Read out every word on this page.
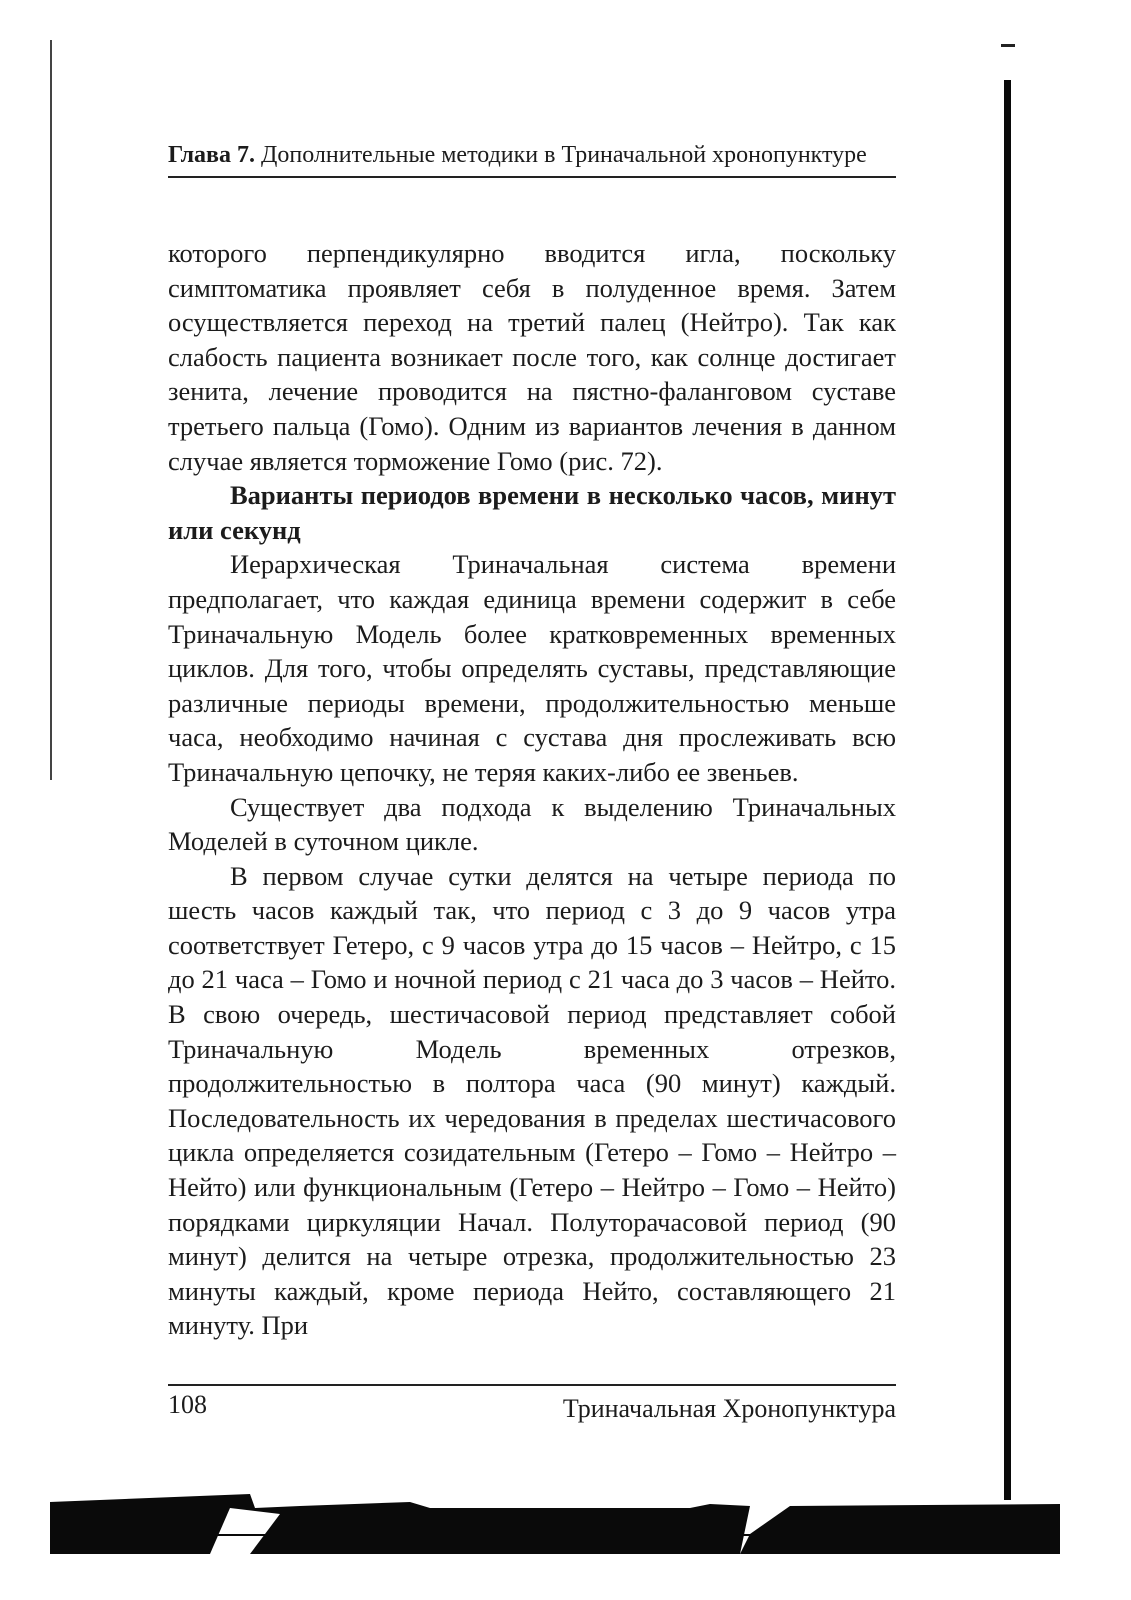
Глава 7. Дополнительные методики в Триначальной хронопунктуре

которого перпендикулярно вводится игла, поскольку симптоматика проявляет себя в полуденное время. Затем осуществляется переход на третий палец (Нейтро). Так как слабость пациента возникает после того, как солнце достигает зенита, лечение проводится на пястно-фаланговом суставе третьего пальца (Гомо). Одним из вариантов лечения в данном случае является торможение Гомо (рис. 72).

Варианты периодов времени в несколько часов, минут или секунд

Иерархическая Триначальная система времени предполагает, что каждая единица времени содержит в себе Триначальную Модель более кратковременных временных циклов. Для того, чтобы определять суставы, представляющие различные периоды времени, продолжительностью меньше часа, необходимо начиная с сустава дня прослеживать всю Триначальную цепочку, не теряя каких-либо ее звеньев.

Существует два подхода к выделению Триначальных Моделей в суточном цикле.

В первом случае сутки делятся на четыре периода по шесть часов каждый так, что период с 3 до 9 часов утра соответствует Гетеро, с 9 часов утра до 15 часов – Нейтро, с 15 до 21 часа – Гомо и ночной период с 21 часа до 3 часов – Нейто. В свою очередь, шестичасовой период представляет собой Триначальную Модель временных отрезков, продолжительностью в полтора часа (90 минут) каждый. Последовательность их чередования в пределах шестичасового цикла определяется созидательным (Гетеро – Гомо – Нейтро – Нейто) или функциональным (Гетеро – Нейтро – Гомо – Нейто) порядками циркуляции Начал. Полуторачасовой период (90 минут) делится на четыре отрезка, продолжительностью 23 минуты каждый, кроме периода Нейто, составляющего 21 минуту. При

108	Триначальная Хронопунктура
